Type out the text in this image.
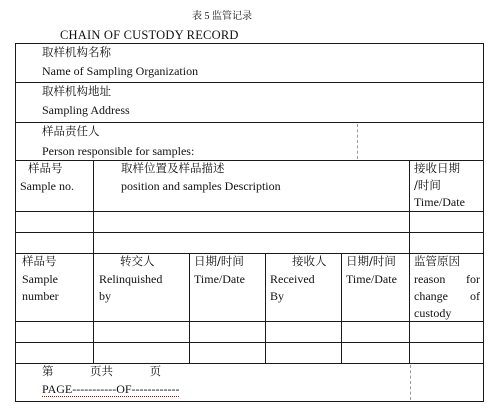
表 5 监管记录
CHAIN OF CUSTODY RECORD
取样机构名称
Name of Sampling Organization
取样机构地址
Sampling Address
样品责任人
Person responsible for samples:
样品号
Sample no.
取样位置及样品描述
position and samples Description
接收日期
/时间
Time/Date
样品号
Sample
number
转交人
Relinquished
by
日期/时间
Time/Date
接收人
Received
By
日期/时间
Time/Date
监管原因
reason for
change of
custody
第          页共          页
PAGE-----------OF------------
